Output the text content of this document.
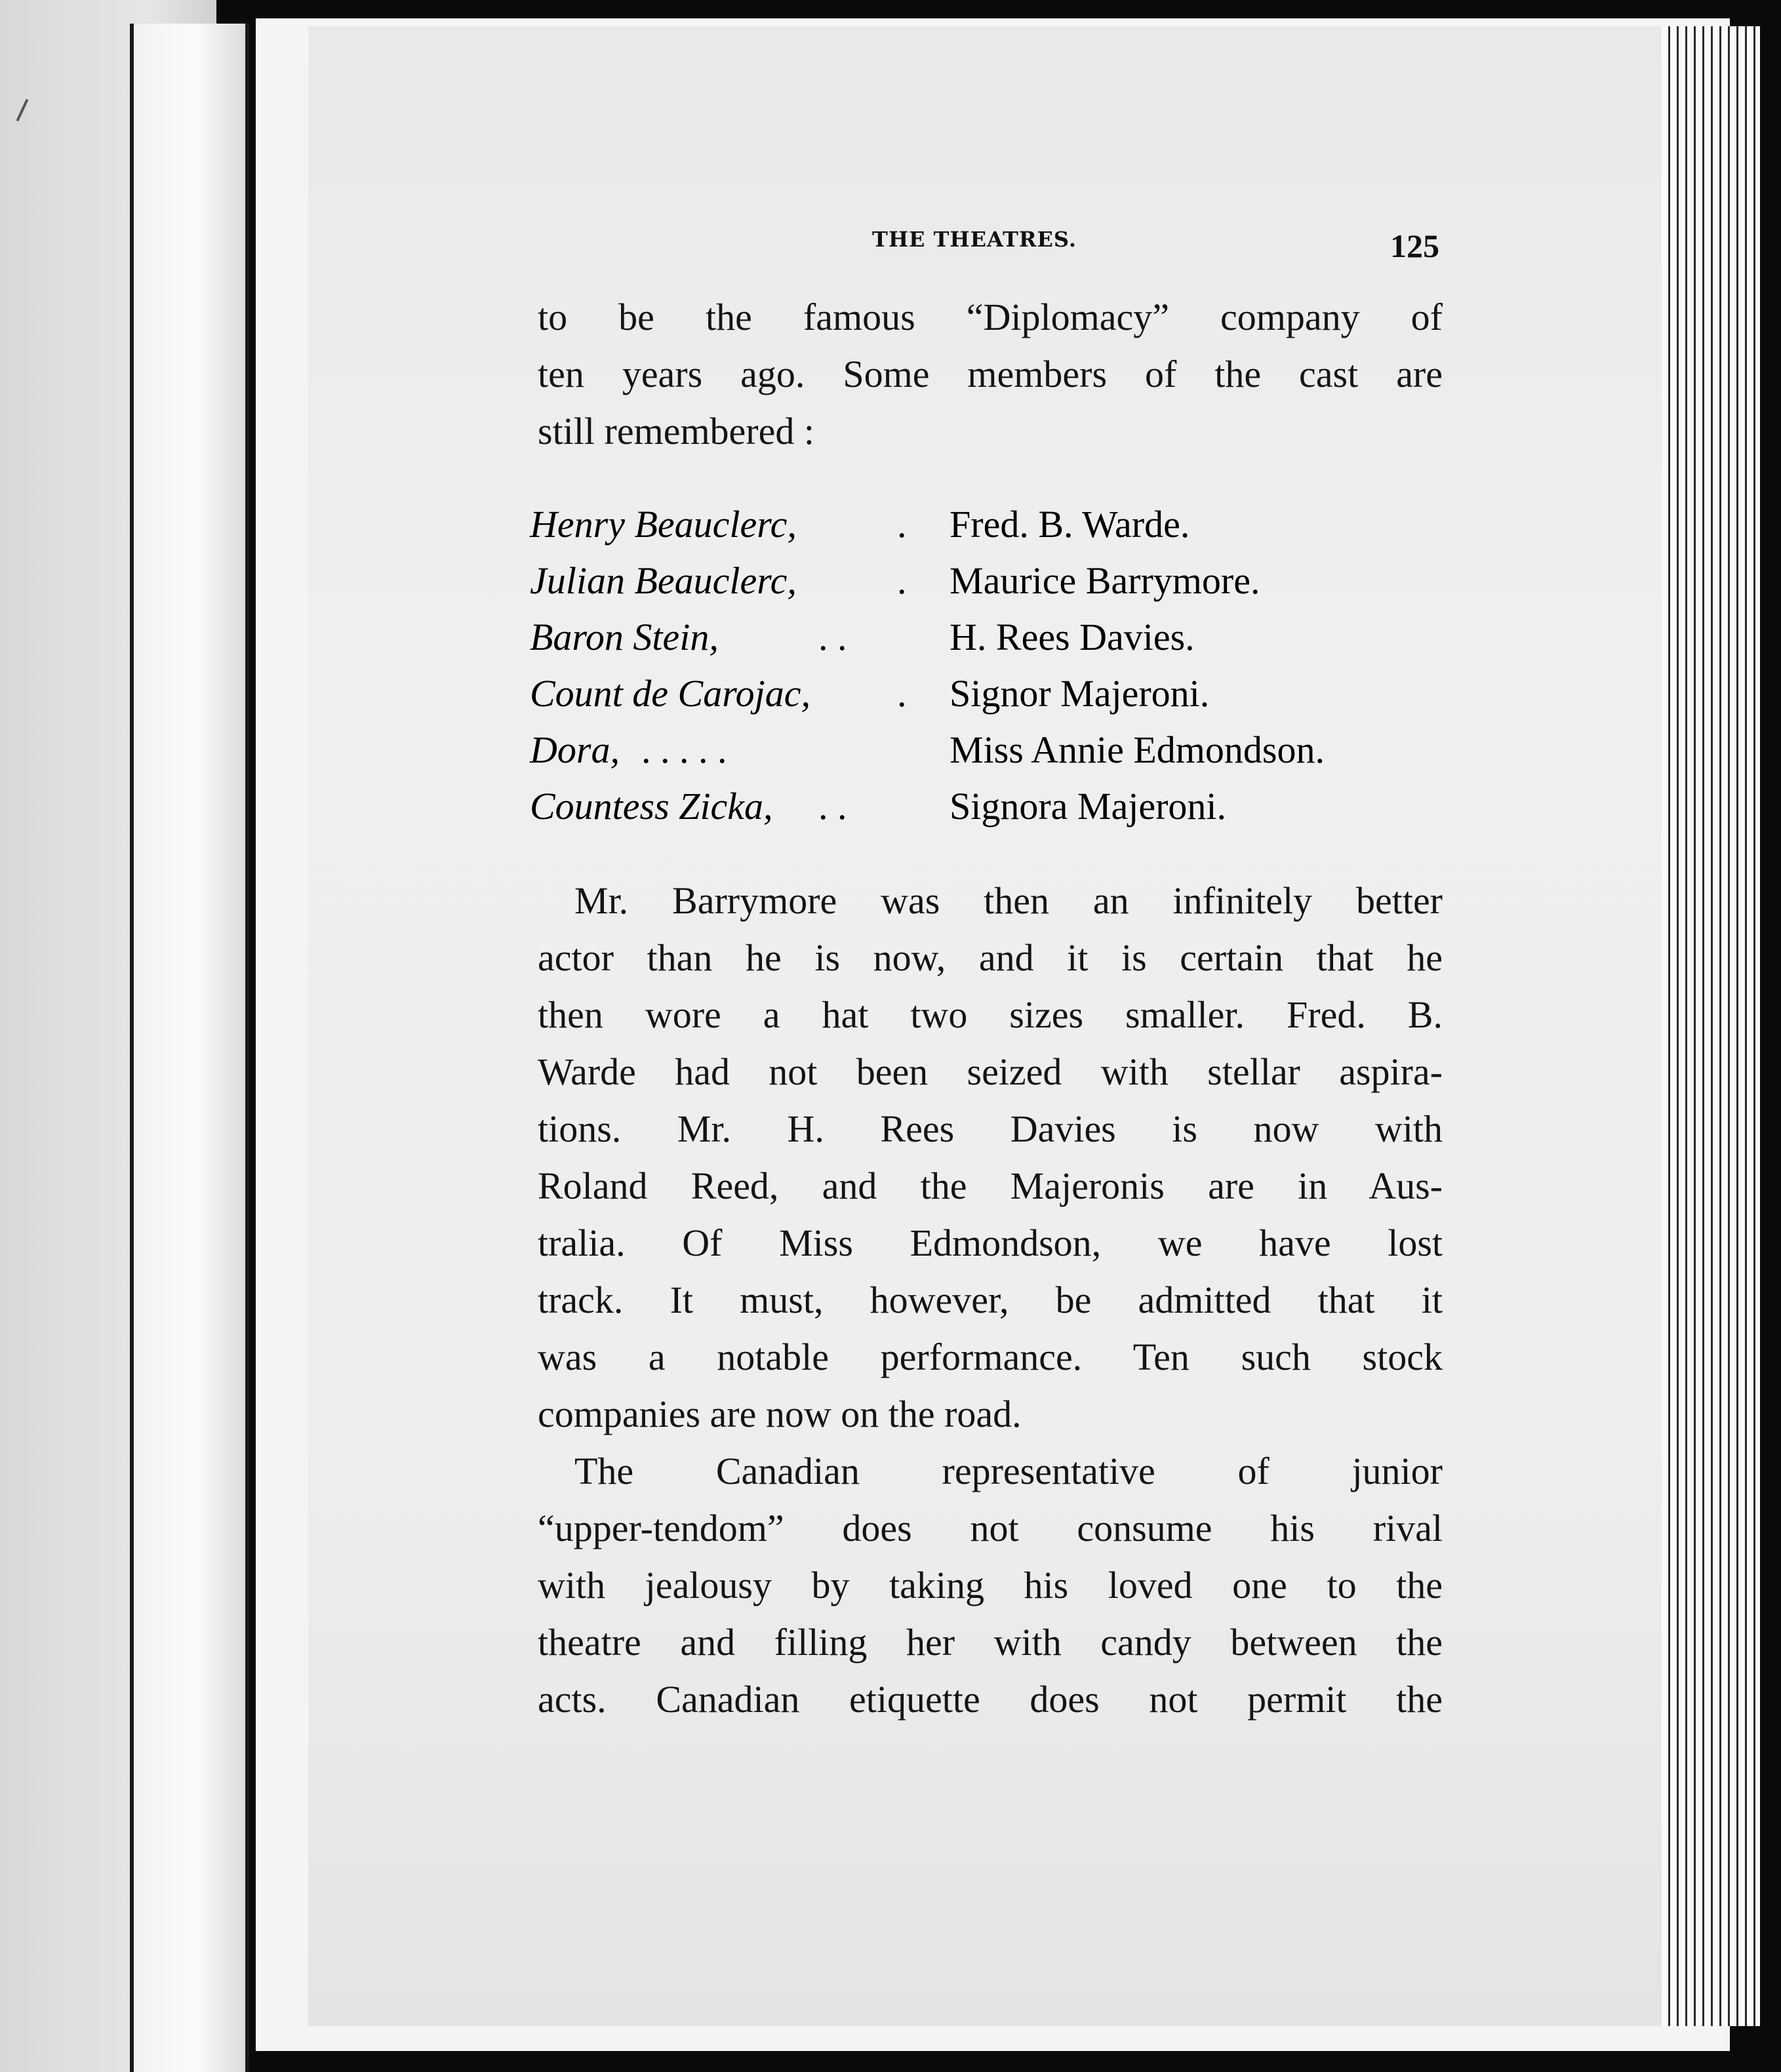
THE THEATRES.	125
to be the famous “Diplomacy” company of
ten years ago. Some members of the cast are
still remembered :
Henry Beauclerc,	. Fred. B. Warde.
Julian Beauclerc,	. Maurice Barrymore.
Baron Stein,	. .	H. Rees Davies.
Count de Carojac, . Signor Majeroni.
Dora, . . . . .	Miss Annie Edmondson.
Countess Zicka, . .	Signora Majeroni.
Mr. Barrymore was then an infinitely better
actor than he is now, and it is certain that he
then wore a hat two sizes smaller. Fred. B.
Warde had not been seized with stellar aspira-
tions. Mr. H. Rees Davies is now with
Roland Reed, and the Majeronis are in Aus-
tralia. Of Miss Edmondson, we have lost
track. It must, however, be admitted that it
was a notable performance. Ten such stock
companies are now on the road.
The Canadian representative of junior
“upper-tendom” does not consume his rival
with jealousy by taking his loved one to the
theatre and filling her with candy between the
acts. Canadian etiquette does not permit the
